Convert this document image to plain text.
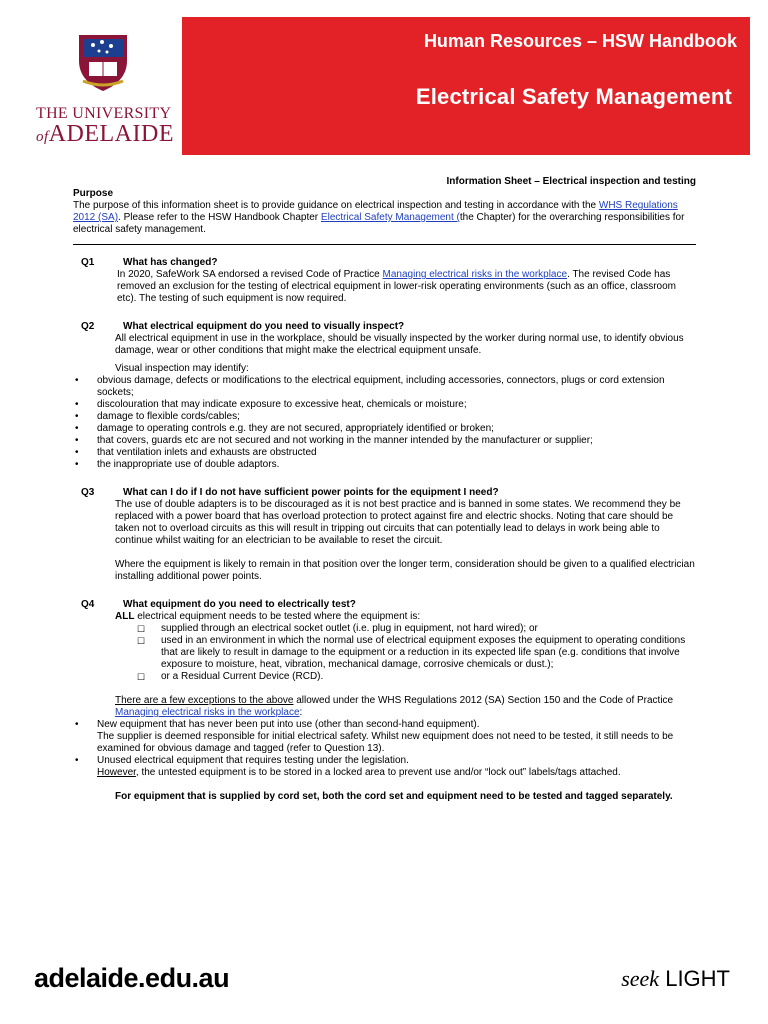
THE UNIVERSITY
ofADELAIDE
Human Resources – HSW Handbook
Electrical Safety Management

Information Sheet – Electrical inspection and testing

Purpose

The purpose of this information sheet is to provide guidance on electrical inspection and testing in accordance with the WHS Regulations 2012 (SA). Please refer to the HSW Handbook Chapter Electrical Safety Management (the Chapter) for the overarching responsibilities for electrical safety management.

Q1	What has changed?

In 2020, SafeWork SA endorsed a revised Code of Practice Managing electrical risks in the workplace. The revised Code has removed an exclusion for the testing of electrical equipment in lower-risk operating environments (such as an office, classroom etc). The testing of such equipment is now required.

Q2	What electrical equipment do you need to visually inspect?

All electrical equipment in use in the workplace, should be visually inspected by the worker during normal use, to identify obvious damage, wear or other conditions that might make the electrical equipment unsafe.

Visual inspection may identify:

• obvious damage, defects or modifications to the electrical equipment, including accessories, connectors, plugs or cord extension sockets;
• discolouration that may indicate exposure to excessive heat, chemicals or moisture;
• damage to flexible cords/cables;
• damage to operating controls e.g. they are not secured, appropriately identified or broken;
• that covers, guards etc are not secured and not working in the manner intended by the manufacturer or supplier;
• that ventilation inlets and exhausts are obstructed
• the inappropriate use of double adaptors.
Q3	What can I do if I do not have sufficient power points for the equipment I need?

The use of double adapters is to be discouraged as it is not best practice and is banned in some states. We recommend they be replaced with a power board that has overload protection to protect against fire and electric shocks. Noting that care should be taken not to overload circuits as this will result in tripping out circuits that can potentially lead to delays in work being able to continue whilst waiting for an electrician to be available to reset the circuit.

Where the equipment is likely to remain in that position over the longer term, consideration should be given to a qualified electrician installing additional power points.

Q4	What equipment do you need to electrically test?

ALL electrical equipment needs to be tested where the equipment is:

☐ supplied through an electrical socket outlet (i.e. plug in equipment, not hard wired); or
☐ used in an environment in which the normal use of electrical equipment exposes the equipment to operating conditions that are likely to result in damage to the equipment or a reduction in its expected life span (e.g. conditions that involve exposure to moisture, heat, vibration, mechanical damage, corrosive chemicals or dust.);
☐ or a Residual Current Device (RCD).

There are a few exceptions to the above allowed under the WHS Regulations 2012 (SA) Section 150 and the Code of Practice Managing electrical risks in the workplace:

• New equipment that has never been put into use (other than second-hand equipment).
The supplier is deemed responsible for initial electrical safety. Whilst new equipment does not need to be tested, it still needs to be examined for obvious damage and tagged (refer to Question 13).
• Unused electrical equipment that requires testing under the legislation.
However, the untested equipment is to be stored in a locked area to prevent use and/or “lock out” labels/tags attached.

For equipment that is supplied by cord set, both the cord set and equipment need to be tested and tagged separately.

adelaide.edu.au	seek LIGHT
